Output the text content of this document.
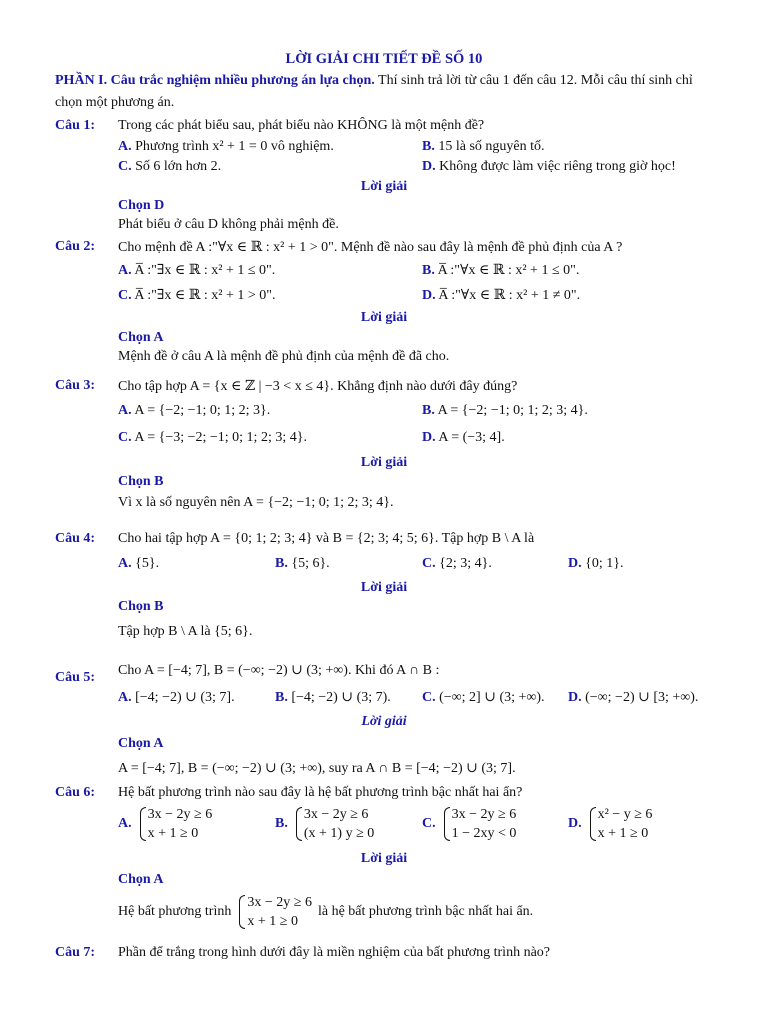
LỜI GIẢI CHI TIẾT ĐỀ SỐ 10
PHẦN I. Câu trắc nghiệm nhiều phương án lựa chọn. Thí sinh trả lời từ câu 1 đến câu 12. Mỗi câu thí sinh chỉ chọn một phương án.
Câu 1: Trong các phát biểu sau, phát biểu nào KHÔNG là một mệnh đề?
A. Phương trình x² + 1 = 0 vô nghiệm.	B. 15 là số nguyên tố.
C. Số 6 lớn hơn 2.	D. Không được làm việc riêng trong giờ học!
Lời giải
Chọn D
Phát biểu ở câu D không phải mệnh đề.
Câu 2: Cho mệnh đề A :"∀x ∈ ℝ : x² + 1 > 0". Mệnh đề nào sau đây là mệnh đề phủ định của A ?
A. A̅ :"∃x ∈ ℝ : x² + 1 ≤ 0".	B. A̅ :"∀x ∈ ℝ : x² + 1 ≤ 0".
C. A̅ :"∃x ∈ ℝ : x² + 1 > 0".	D. A̅ :"∀x ∈ ℝ : x² + 1 ≠ 0".
Lời giải
Chọn A
Mệnh đề ở câu A là mệnh đề phủ định của mệnh đề đã cho.
Câu 3: Cho tập hợp A = {x ∈ ℤ | −3 < x ≤ 4}. Khẳng định nào dưới đây đúng?
A. A = {−2; −1; 0; 1; 2; 3}.	B. A = {−2; −1; 0; 1; 2; 3; 4}.
C. A = {−3; −2; −1; 0; 1; 2; 3; 4}.	D. A = (−3; 4].
Lời giải
Chọn B
Vì x là số nguyên nên A = {−2; −1; 0; 1; 2; 3; 4}.
Câu 4: Cho hai tập hợp A = {0; 1; 2; 3; 4} và B = {2; 3; 4; 5; 6}. Tập hợp B \ A là
A. {5}.	B. {5; 6}.	C. {2; 3; 4}.	D. {0; 1}.
Lời giải
Chọn B
Tập hợp B \ A là {5; 6}.
Câu 5: Cho A = [−4; 7], B = (−∞; −2) ∪ (3; +∞). Khi đó A ∩ B :
A. [−4; −2) ∪ (3; 7].	B. [−4; −2) ∪ (3; 7). C. (−∞; 2] ∪ (3; +∞). D. (−∞; −2) ∪ [3; +∞).
Lời giải
Chọn A
A = [−4; 7], B = (−∞; −2) ∪ (3; +∞), suy ra A ∩ B = [−4; −2) ∪ (3; 7].
Câu 6: Hệ bất phương trình nào sau đây là hệ bất phương trình bậc nhất hai ẩn?
A.
3x − 2y ≥ 6
x + 1 ≥ 0
B.
3x − 2y ≥ 6
(x + 1) y ≥ 0
C.
3x − 2y ≥ 6
1 − 2xy < 0
D.
x² − y ≥ 6
x + 1 ≥ 0
Lời giải
Chọn A
Hệ bất phương trình
3x − 2y ≥ 6
x + 1 ≥ 0
là hệ bất phương trình bậc nhất hai ẩn.
Câu 7: Phần để trắng trong hình dưới đây là miền nghiệm của bất phương trình nào?
